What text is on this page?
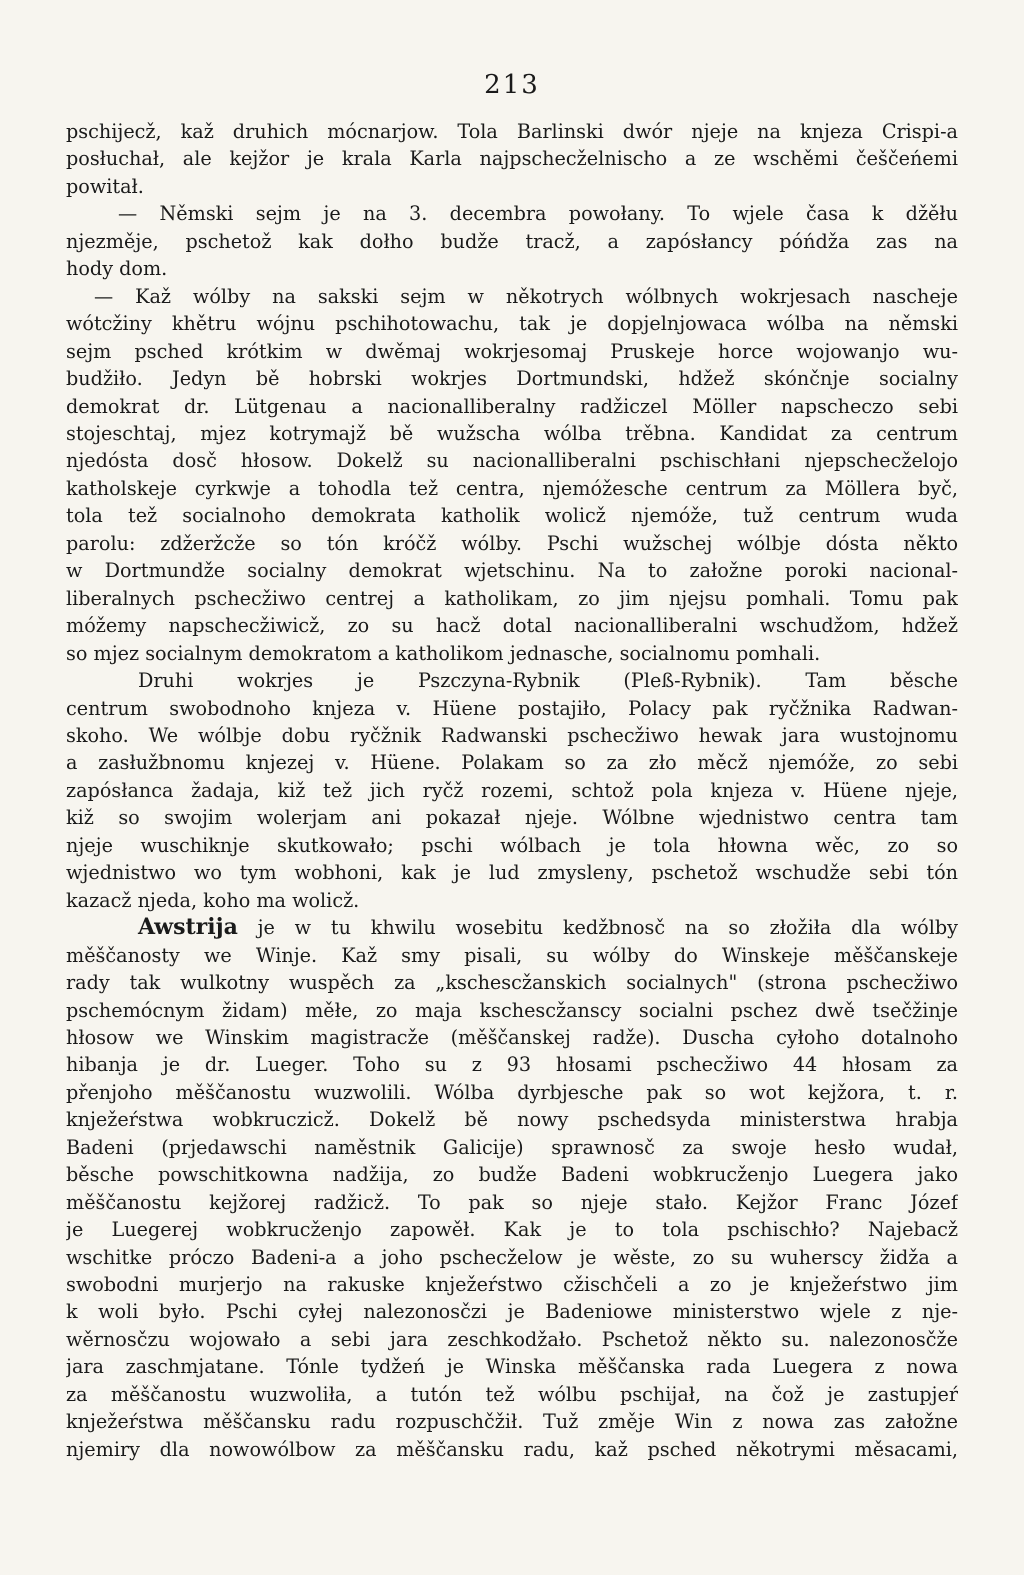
213
pschijecž, kaž druhich mócnarjow. Tola Barlinski dwór njeje na knjeza Crispi-a
posłuchał, ale kejžor je krala Karla najpschecželnischo a ze wschěmi češčeńemi
powitał.
— Němski sejm je na 3. decembra powołany. To wjele časa k džěłu
njezměje, pschetož kak dołho budže tracž, a zapósłancy póńdža zas na
hody dom.
— Kaž wólby na sakski sejm w někotrych wólbnych wokrjesach naschеje
wótcžiny khětru wójnu pschihotowachu, tak je dopjelnjowaca wólba na němski
sejm pschеd krótkim w dwěmaj wokrjesomaj Pruskeje horce wojowanjo wu-
budžiło. Jedyn bě hobrski wokrjes Dortmundski, hdžež skónčnje socialny
demokrat dr. Lütgenau a nacionalliberalny radžiczel Möller napschеczo sebi
stojeschtaj, mjez kotrymajž bě wužscha wólba trěbna. Kandidat za centrum
njedósta dosč hłosow. Dokelž su nacionalliberalni pschischłani njepschecželojo
katholskeje cyrkwje a tohodla tež centra, njemóžesche centrum za Möllera byč,
tola tež socialnoho demokrata katholik wolicž njemóže, tuž centrum wuda
parolu: zdžeržcže so tón króčž wólby. Pschi wužschej wólbje dósta někto
w Dortmundže socialny demokrat wjetschinu. Na to załožne poroki nacional-
liberalnych pschecžiwo centrej a katholikam, zo jim njejsu pomhali. Tomu pak
móžemy napschecžiwicž, zo su hacž dotal nacionalliberalni wschudžom, hdžež
so mjez socialnym demokratom a katholikom jednasche, socialnomu pomhali.
Druhi wokrjes je Pszczyna-Rybnik (Pleß-Rybnik). Tam běsche
centrum swobodnoho knjeza v. Hüene postajiło, Polacy pak ryčžnika Radwan-
skoho. We wólbje dobu ryčžnik Radwanski pschecžiwo hewak jara wustojnomu
a zasłužbnomu knjezej v. Hüene. Polakam so za zło měcž njemóže, zo sebi
zapósłanca žadaja, kiž tež jich ryčž rozemi, schtož pola knjeza v. Hüene njeje,
kiž so swojim wolerjam ani pokazał njeje. Wólbne wjednistwo centra tam
njeje wuschiknje skutkowało; pschi wólbach je tola hłowna wěc, zo so
wjednistwo wo tym wobhoni, kak je lud zmyslenу, pschetož wschudže sebi tón
kazacž njeda, koho ma wolicž.
Awstrija je w tu khwilu wosebitu kedžbnosč na so złožiła dla wólby
měščanosty we Winje. Kaž smy pisali, su wólby do Winskeje měščanskeje
rady tak wulkotny wuspěch za „kschescžanskich socialnych" (strona pschecžiwo
pschemócnym židam) měłe, zo maja kschescžansсy socialni pschez dwě tsečžinje
hłosow we Winskim magistracže (měščanskej radže). Duscha cyłoho dotalnoho
hibanja je dr. Lueger. Toho su z 93 hłosami pschecžiwo 44 hłosam za
přenjoho měščanostu wuzwolili. Wólba dyrbjesche pak so wot kejžora, t. r.
knježeŕstwa wobkruczicž. Dokelž bě nowy pschedsyda ministerstwa hrabja
Badeni (prjedawschi naměstnik Galicije) sprawnosč za swoje hesło wudał,
běsche powschitkowna nadžija, zo budže Badeni wobkrucženjo Luegera jako
měščanostu kejžorej radžicž. To pak so njeje stało. Kejžor Franc Józef
je Luegerej wobkrucženjo zapowěł. Kak je to tola pschischło? Najebacž
wschitke próczo Badeni-a a joho pschecželow je wěste, zo su wuhersсy židža a
swobodni murjerjo na rakuske knježeŕstwo cžischčeli a zo je knježeŕstwo jim
k woli było. Pschi cyłej nalezonosčzi je Badeniowe ministerstwo wjele z nje-
wěrnosčzu wojowało a sebi jara zeschkodžało. Pschetož někto su. nalezonosčže
jara zaschmjatane. Tónle tydžeń je Winska měščanska rada Luegera z nowa
za měščanostu wuzwoliła, a tutón tež wólbu pschijał, na čož je zastupjeŕ
knježeŕstwa měščansku radu rozpuschčžił. Tuž změje Win z nowa zas załožne
njemiry dla nowowólbow za měščansku radu, kaž pschеd někotrymi měsacami,
